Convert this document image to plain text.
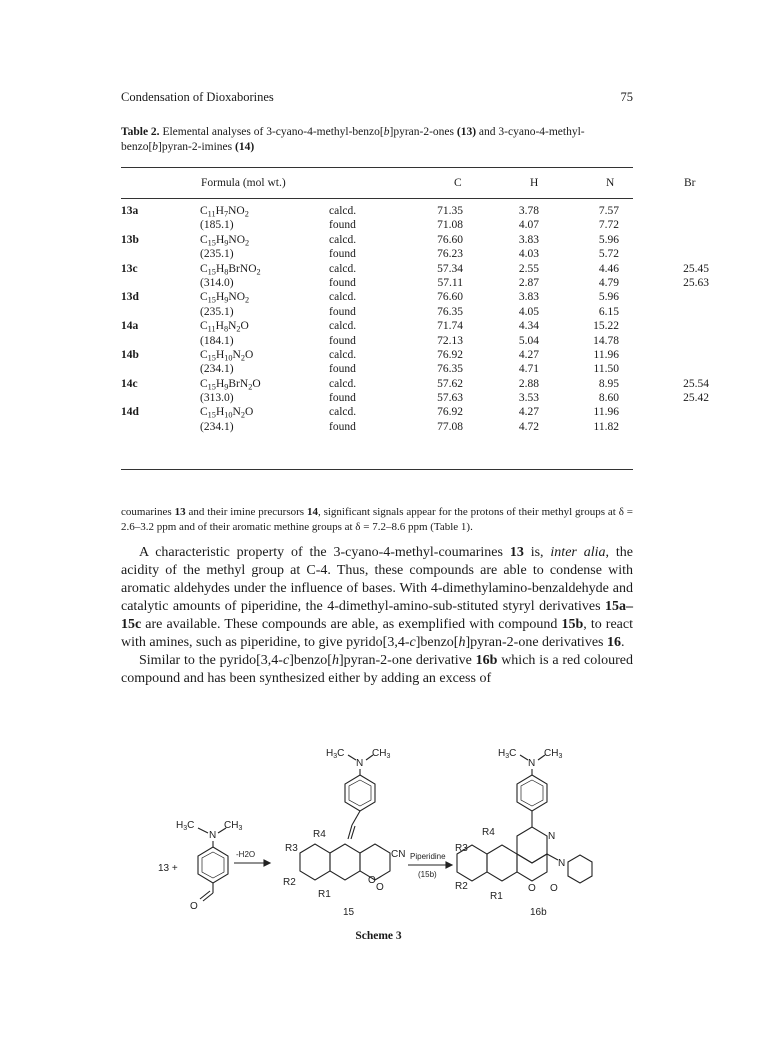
Condensation of Dioxaborines	75
Table 2. Elemental analyses of 3-cyano-4-methyl-benzo[b]pyran-2-ones (13) and 3-cyano-4-methyl-benzo[b]pyran-2-imines (14)
Formula (mol wt.)	C	H	N	Br
13a	$C_{11}H_7NO_2$	calcd.	71.35	3.78	7.57
(185.1)	found	71.08	4.07	7.72
13b	$C_{15}H_9NO_2$	calcd.	76.60	3.83	5.96
(235.1)	found	76.23	4.03	5.72
13c	$C_{15}H_8BrNO_2$	calcd.	57.34	2.55	4.46	25.45
(314.0)	found	57.11	2.87	4.79	25.63
13d	$C_{15}H_9NO_2$	calcd.	76.60	3.83	5.96
(235.1)	found	76.35	4.05	6.15
14a	$C_{11}H_8N_2O$	calcd.	71.74	4.34	15.22
(184.1)	found	72.13	5.04	14.78
14b	$C_{15}H_{10}N_2O$	calcd.	76.92	4.27	11.96
(234.1)	found	76.35	4.71	11.50
14c	$C_{15}H_9BrN_2O$	calcd.	57.62	2.88	8.95	25.54
(313.0)	found	57.63	3.53	8.60	25.42
14d	$C_{15}H_{10}N_2O$	calcd.	76.92	4.27	11.96
(234.1)	found	77.08	4.72	11.82
coumarines 13 and their imine precursors 14, significant signals appear for the protons of their methyl groups at δ = 2.6–3.2 ppm and of their aromatic methine groups at δ = 7.2–8.6 ppm (Table 1).

A characteristic property of the 3-cyano-4-methyl-coumarines 13 is, inter alia, the acidity of the methyl group at C-4. Thus, these compounds are able to condense with aromatic aldehydes under the influence of bases. With 4-dimethylamino-benzaldehyde and catalytic amounts of piperidine, the 4-dimethyl-amino-sub-stituted styryl derivatives 15a–15c are available. These compounds are able, as exemplified with compound 15b, to react with amines, such as piperidine, to give pyrido[3,4-c]benzo[h]pyran-2-one derivatives 16.

Similar to the pyrido[3,4-c]benzo[h]pyran-2-one derivative 16b which is a red coloured compound and has been synthesized either by adding an excess of

$H_3C$	$CH_3$
N
O
13 +
-H2O
$H_3C$	$CH_3$
N
CN
O
O
R4
R3
R2
R1
15
Piperidine
(15b)
$H_3C$	$CH_3$
N
N
N
O O
R4
R3
R2
R1
16b
Scheme 3
